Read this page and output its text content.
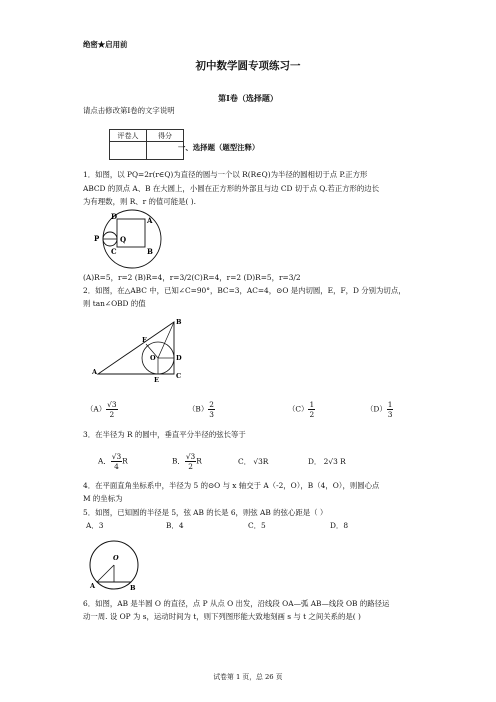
绝密★启用前
初中数学圆专项练习一
第I卷（选择题）
请点击修改第I卷的文字说明
评卷人	得分

一、选择题（题型注释）
1．如图，以 PQ=2r(r∈Q)为直径的圆与一个以 R(R∈Q)为半径的圆相切于点 P.正方形
ABCD 的顶点 A、B 在大圆上，小圆在正方形的外部且与边 CD 切于点 Q.若正方形的边长
为有理数，则 R、r 的值可能是( ).
D	A
P	Q
C	B
(A)R=5，r=2 (B)R=4，r=3/2(C)R=4，r=2 (D)R=5，r=3/2
2．如图，在△ABC 中，已知∠C=90°，BC=3，AC=4，⊙O 是内切圆，E，F，D 分别为切点，
则 tan∠OBD 的值
F
B
O	D
A
E	C
$(A) \frac{√3}{2}$	$(B) \frac{2}{3}$	$(C) \frac{1}{2}$	$(D) \frac{1}{3}$
3．在半径为 R 的圆中，垂直平分半径的弦长等于
A． $\frac{√3}{4}$ R	B． $\frac{√3}{2}$ R	C． √3R	D． 2√3 R
4．在平面直角坐标系中，半径为 5 的⊙O 与 x 轴交于 A（-2，O），B（4，O），则圆心点
M 的坐标为
5．如图，已知圆的半径是 5，弦 AB 的长是 6，则弦 AB 的弦心距是（ ）
A．3	B．4	C．5	D．8
O
A	B
6．如图，AB 是半圆 O 的直径，点 P 从点 O 出发，沿线段 OA—弧 AB—线段 OB 的路径运
动一周. 设 OP 为 s，运动时间为 t，则下列图形能大致地刻画 s 与 t 之间关系的是( )
试卷第 1 页，总 26 页
